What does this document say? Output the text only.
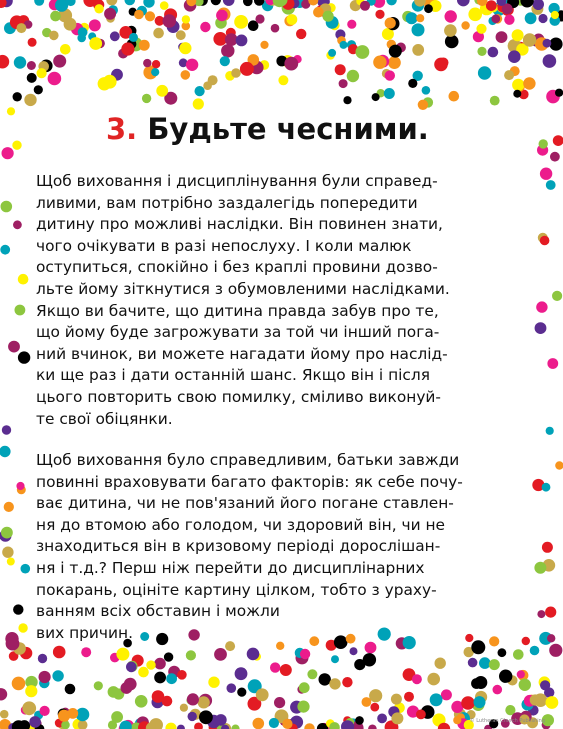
3. Будьте чесними.

Щоб виховання і дисциплінування були справед-
ливими, вам потрібно заздалегідь попередити
дитину про можливі наслідки. Він повинен знати,
чого очікувати в разі непослуху. І коли малюк
оступиться, спокійно і без краплі провини дозво-
льте йому зіткнутися з обумовленими наслідками.
Якщо ви бачите, що дитина правда забув про те,
що йому буде загрожувати за той чи інший пога-
ний вчинок, ви можете нагадати йому про наслід-
ки ще раз і дати останній шанс. Якщо він і після
цього повторить свою помилку, сміливо виконуй-
те свої обіцянки.

Щоб виховання було справедливим, батьки завжди
повинні враховувати багато факторів: як себе почу-
ває дитина, чи не пов'язаний його погане ставлен-
ня до втомою або голодом, чи здоровий він, чи не
знаходиться він в кризовому періоді дорослішан-
ня і т.д.? Перш ніж перейти до дисциплінарних
покарань, оцініте картину цілком, тобто з ураху-
ванням всіх обставин і можли
вих причин.

© Lutheran Church Publishing
